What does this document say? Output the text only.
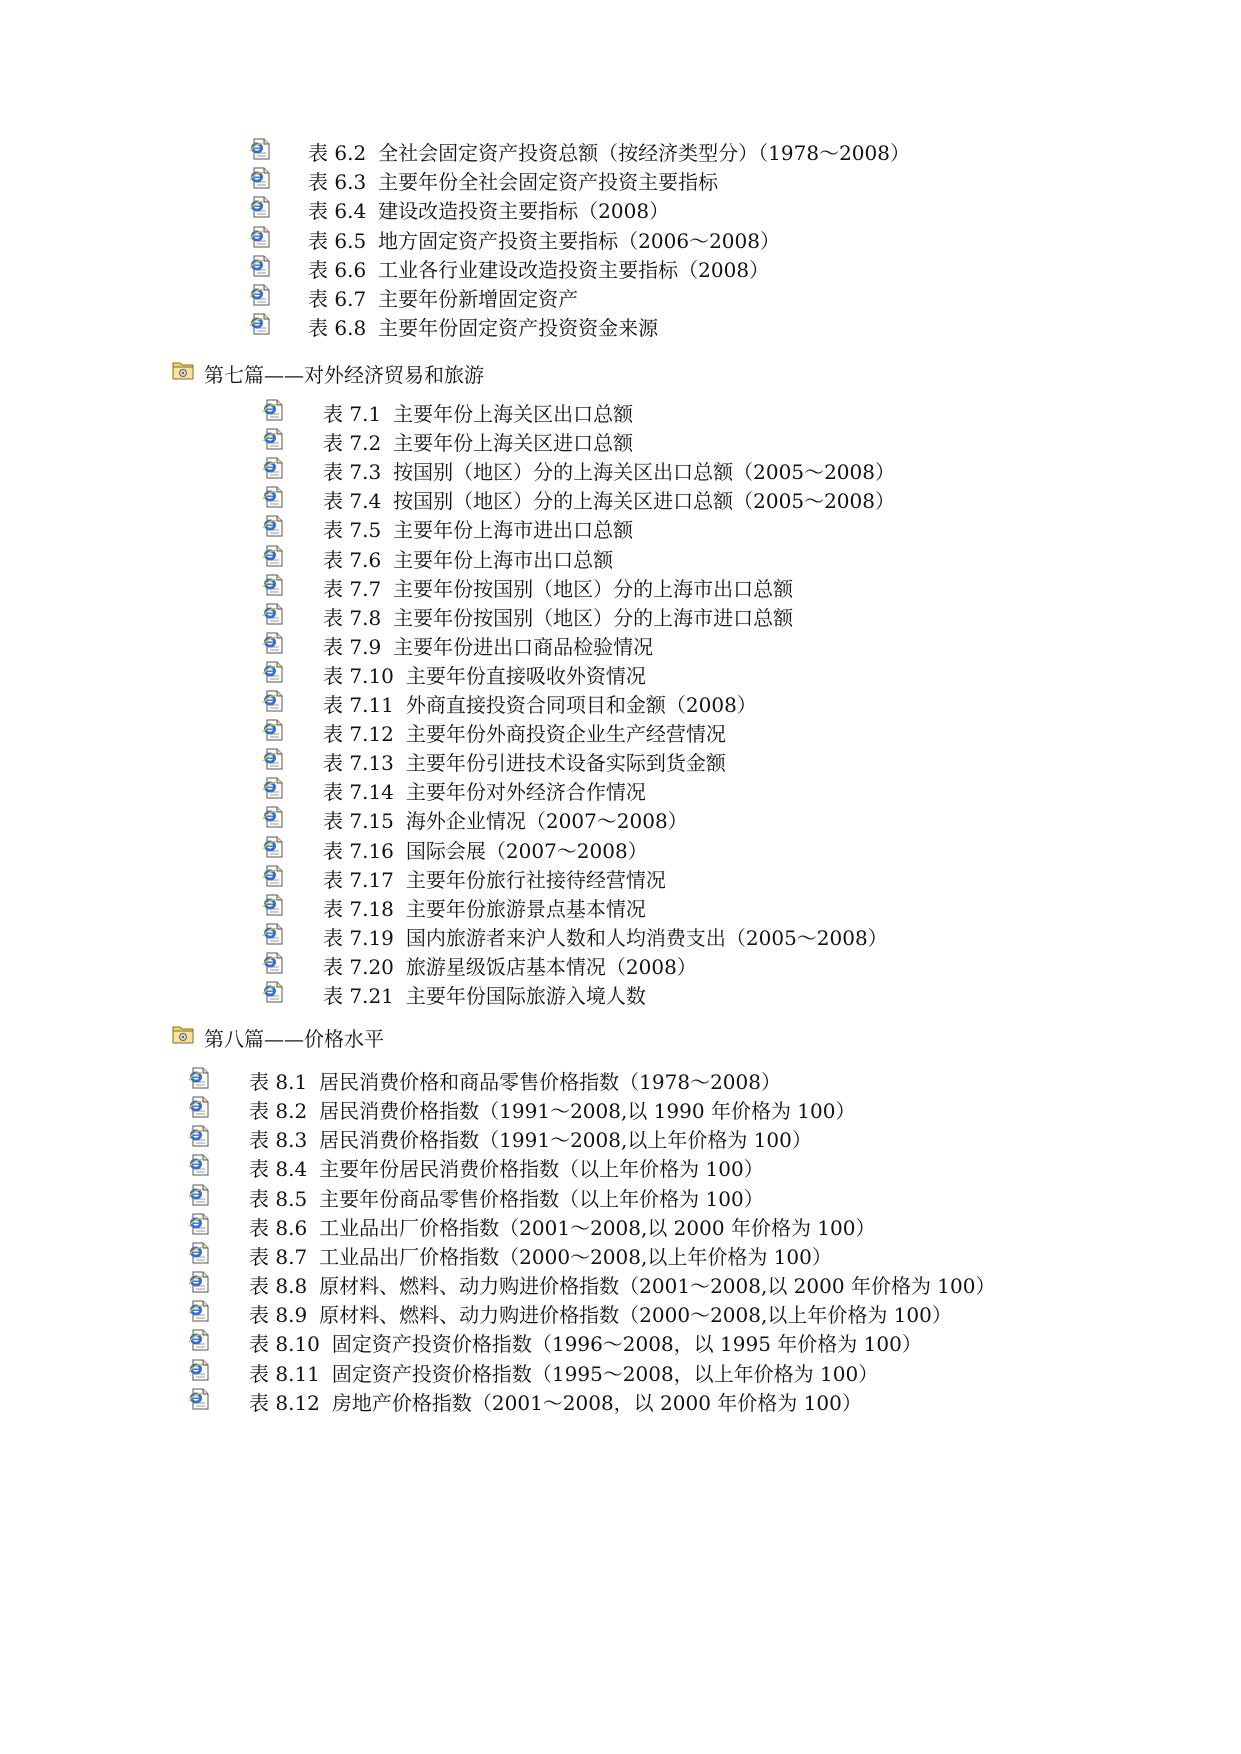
表 6.2 全社会固定资产投资总额（按经济类型分）（1978～2008）
表 6.3 主要年份全社会固定资产投资主要指标
表 6.4 建设改造投资主要指标（2008）
表 6.5 地方固定资产投资主要指标（2006～2008）
表 6.6 工业各行业建设改造投资主要指标（2008）
表 6.7 主要年份新增固定资产
表 6.8 主要年份固定资产投资资金来源
第七篇——对外经济贸易和旅游
表 7.1 主要年份上海关区出口总额
表 7.2 主要年份上海关区进口总额
表 7.3 按国别（地区）分的上海关区出口总额（2005～2008）
表 7.4 按国别（地区）分的上海关区进口总额（2005～2008）
表 7.5 主要年份上海市进出口总额
表 7.6 主要年份上海市出口总额
表 7.7 主要年份按国别（地区）分的上海市出口总额
表 7.8 主要年份按国别（地区）分的上海市进口总额
表 7.9 主要年份进出口商品检验情况
表 7.10 主要年份直接吸收外资情况
表 7.11 外商直接投资合同项目和金额（2008）
表 7.12 主要年份外商投资企业生产经营情况
表 7.13 主要年份引进技术设备实际到货金额
表 7.14 主要年份对外经济合作情况
表 7.15 海外企业情况（2007～2008）
表 7.16 国际会展（2007～2008）
表 7.17 主要年份旅行社接待经营情况
表 7.18 主要年份旅游景点基本情况
表 7.19 国内旅游者来沪人数和人均消费支出（2005～2008）
表 7.20 旅游星级饭店基本情况（2008）
表 7.21 主要年份国际旅游入境人数
第八篇——价格水平
表 8.1 居民消费价格和商品零售价格指数（1978～2008）
表 8.2 居民消费价格指数（1991～2008,以 1990 年价格为 100）
表 8.3 居民消费价格指数（1991～2008,以上年价格为 100）
表 8.4 主要年份居民消费价格指数（以上年价格为 100）
表 8.5 主要年份商品零售价格指数（以上年价格为 100）
表 8.6 工业品出厂价格指数（2001～2008,以 2000 年价格为 100）
表 8.7 工业品出厂价格指数（2000～2008,以上年价格为 100）
表 8.8 原材料、燃料、动力购进价格指数（2001～2008,以 2000 年价格为 100）
表 8.9 原材料、燃料、动力购进价格指数（2000～2008,以上年价格为 100）
表 8.10 固定资产投资价格指数（1996～2008，以 1995 年价格为 100）
表 8.11 固定资产投资价格指数（1995～2008，以上年价格为 100）
表 8.12 房地产价格指数（2001～2008，以 2000 年价格为 100）
